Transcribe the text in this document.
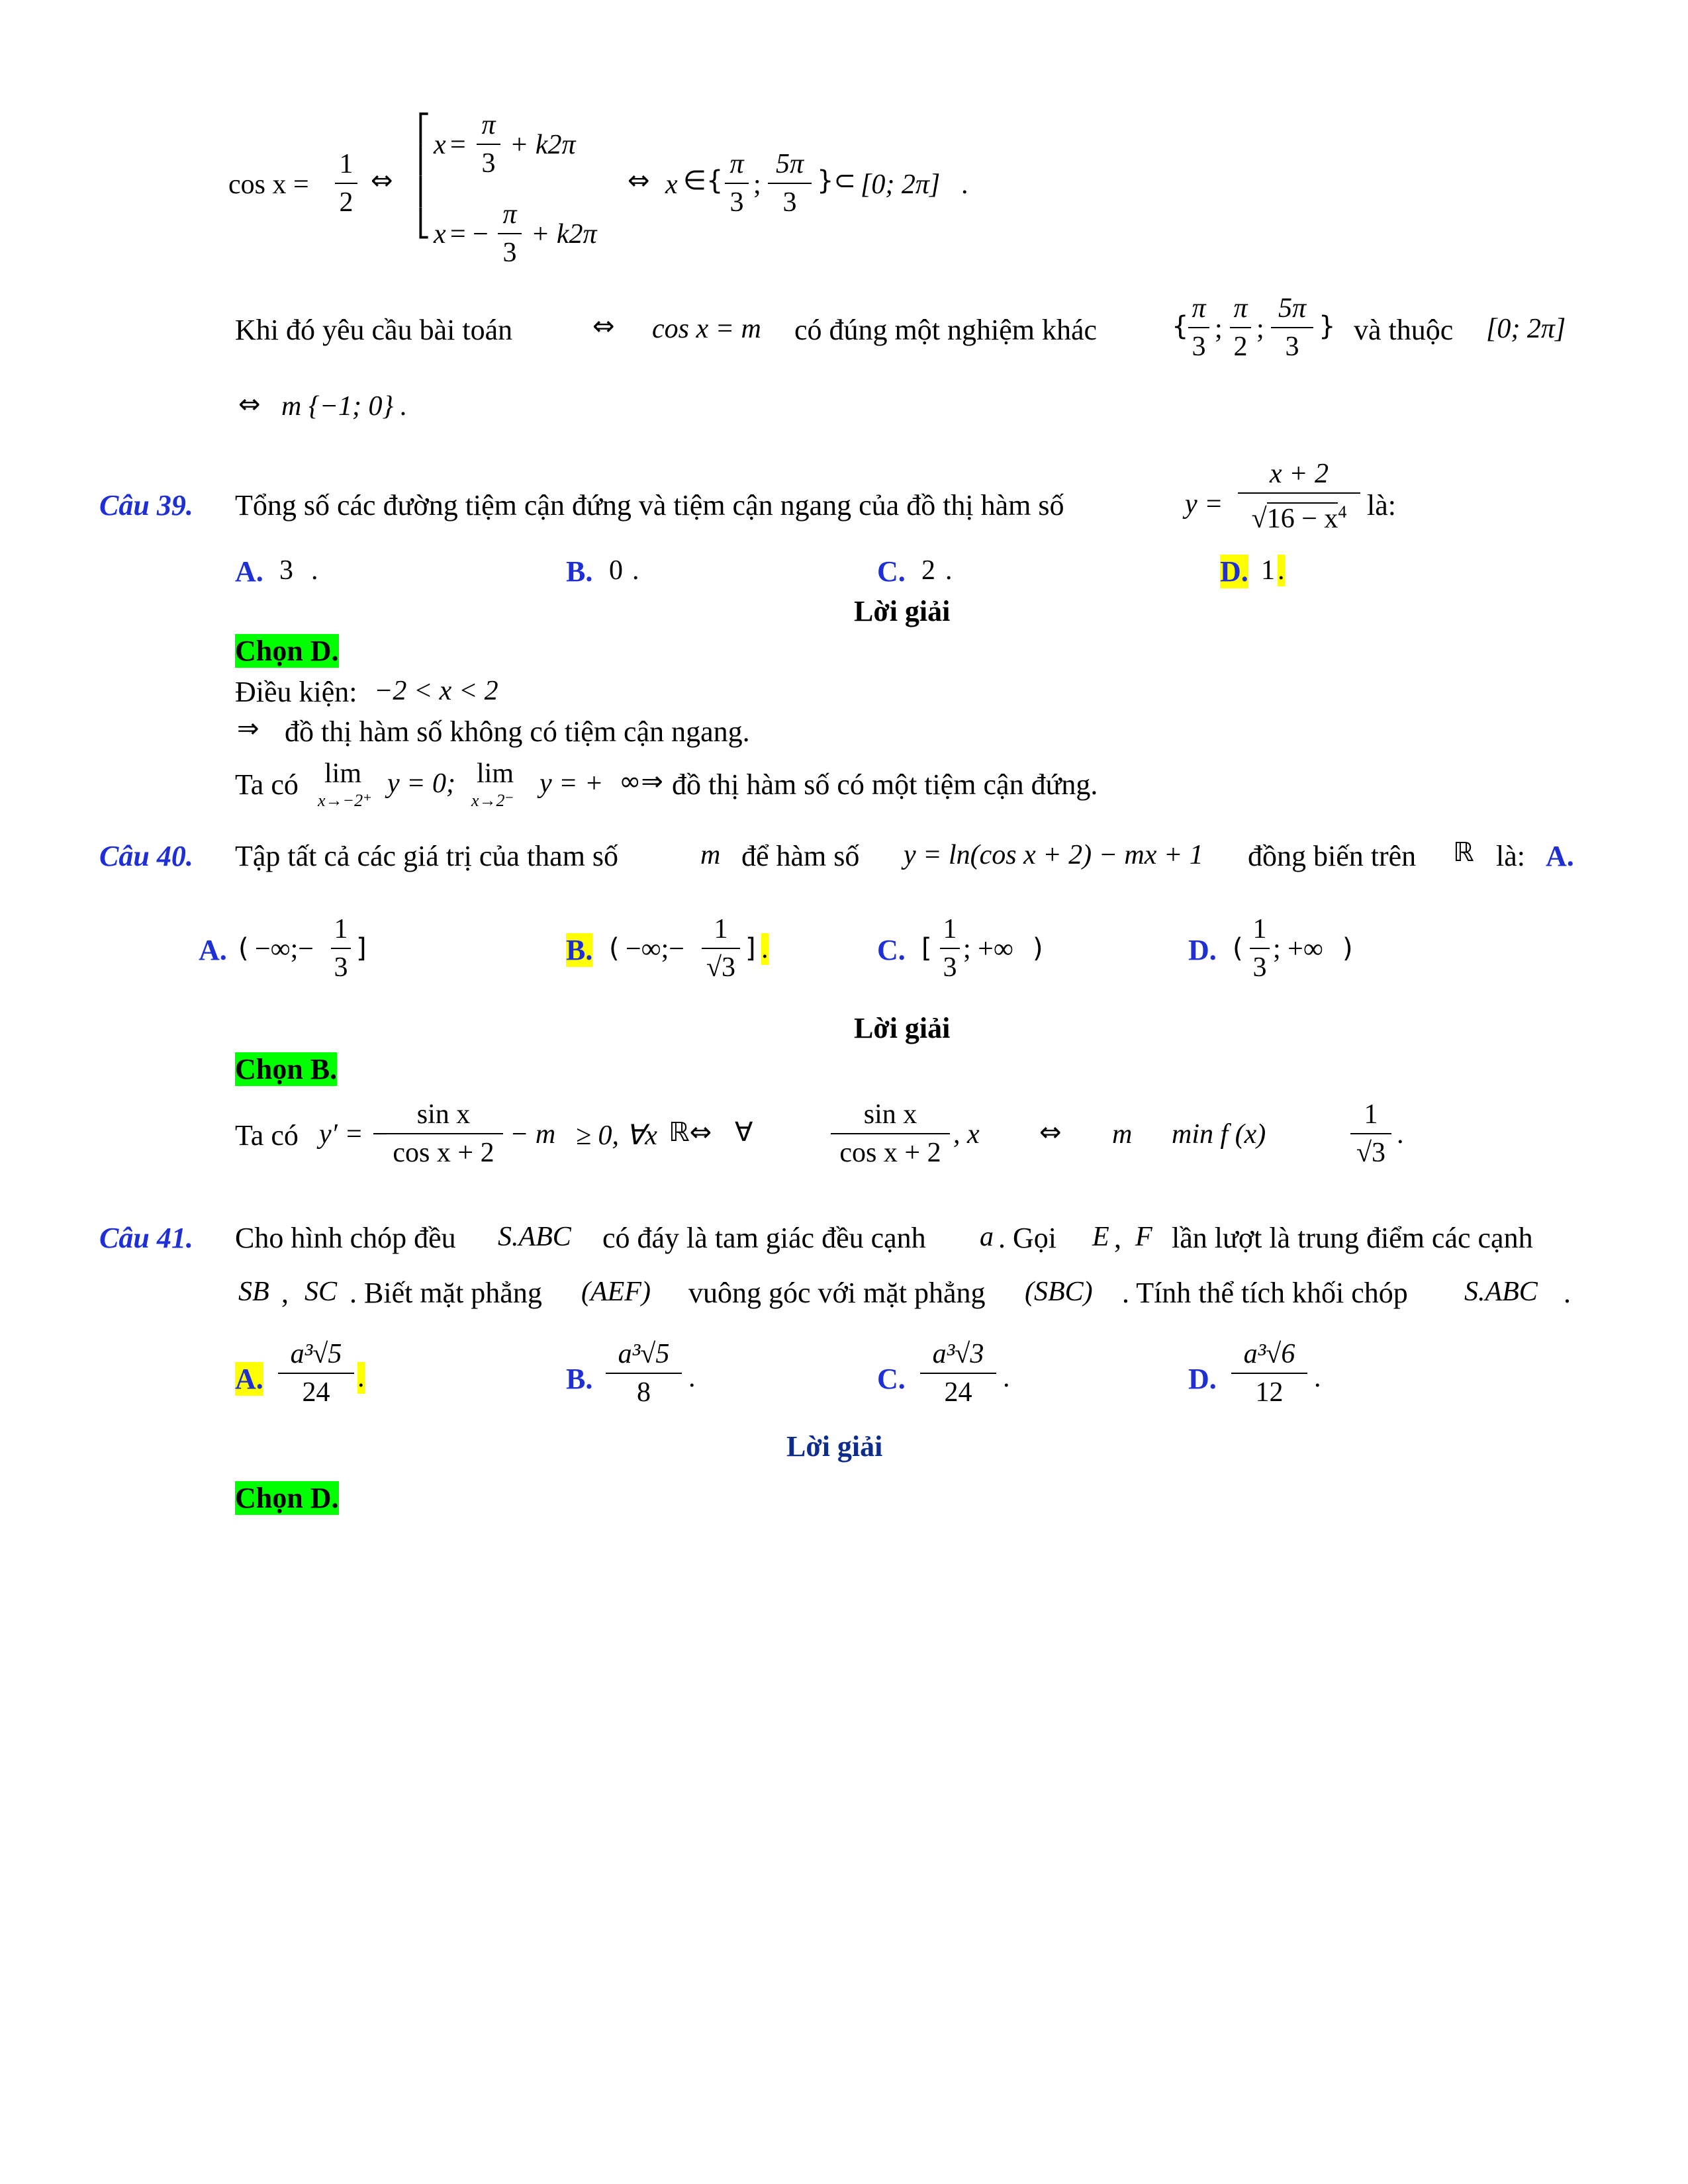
cos x =
1
2
⇔
⎡
⎢
⎢
⎣
x =
π
3
+ k2π
x = −
π
3
+ k2π
⇔ x ∈{
π
3
;
5π
3
}⊂ [0; 2π] .
Khi đó yêu cầu bài toán	⇔ cos x = m có đúng một nghiệm khác	{
π
3
;
π
2
;
5π
3
} và thuộc [0; 2π]
⇔ m {−1; 0} .
Câu 39. Tổng số các đường tiệm cận đứng và tiệm cận ngang của đồ thị hàm số	y =
x + 2
$√16 - x^4$ là:
A. 3 .	B. 0 .	C. 2 .	D. 1 .
Lời giải
Chọn D.
Điều kiện: −2 < x < 2
⇒ đồ thị hàm số không có tiệm cận ngang.
Ta có lim
x→−2⁺
y = 0; lim
x→2⁻
y = + ∞⇒ đồ thị hàm số có một tiệm cận đứng.
Câu 40. Tập tất cả các giá trị của tham số	m để hàm số y = ln(cos x + 2) − mx + 1 đồng biến trên ℝ là: A.
( −∞;−
1
3
]	B. ( −∞;−
1
√3
] .	C. [
1
3
; +∞ )	D. (
1
3
; +∞ )
A.
Lời giải
Chọn B.
Ta có y′ = −
sin x
cos x + 2
− m ≥ 0, ∀x ℝ⇔ ∀
sin x
cos x + 2
, x ⇔ m min f (x)
1
√3
.
Câu 41. Cho hình chóp đều S.ABC có đáy là tam giác đều cạnh a . Gọi E , F lần lượt là trung điểm các cạnh
SB , SC . Biết mặt phẳng (AEF) vuông góc với mặt phẳng (SBC) . Tính thể tích khối chóp S.ABC .
A.
a³√5
24 .	B.
a³√5
8	.	C.
a³√3
24	.	D.
a³√6
12	.
Lời giải
Chọn D.
